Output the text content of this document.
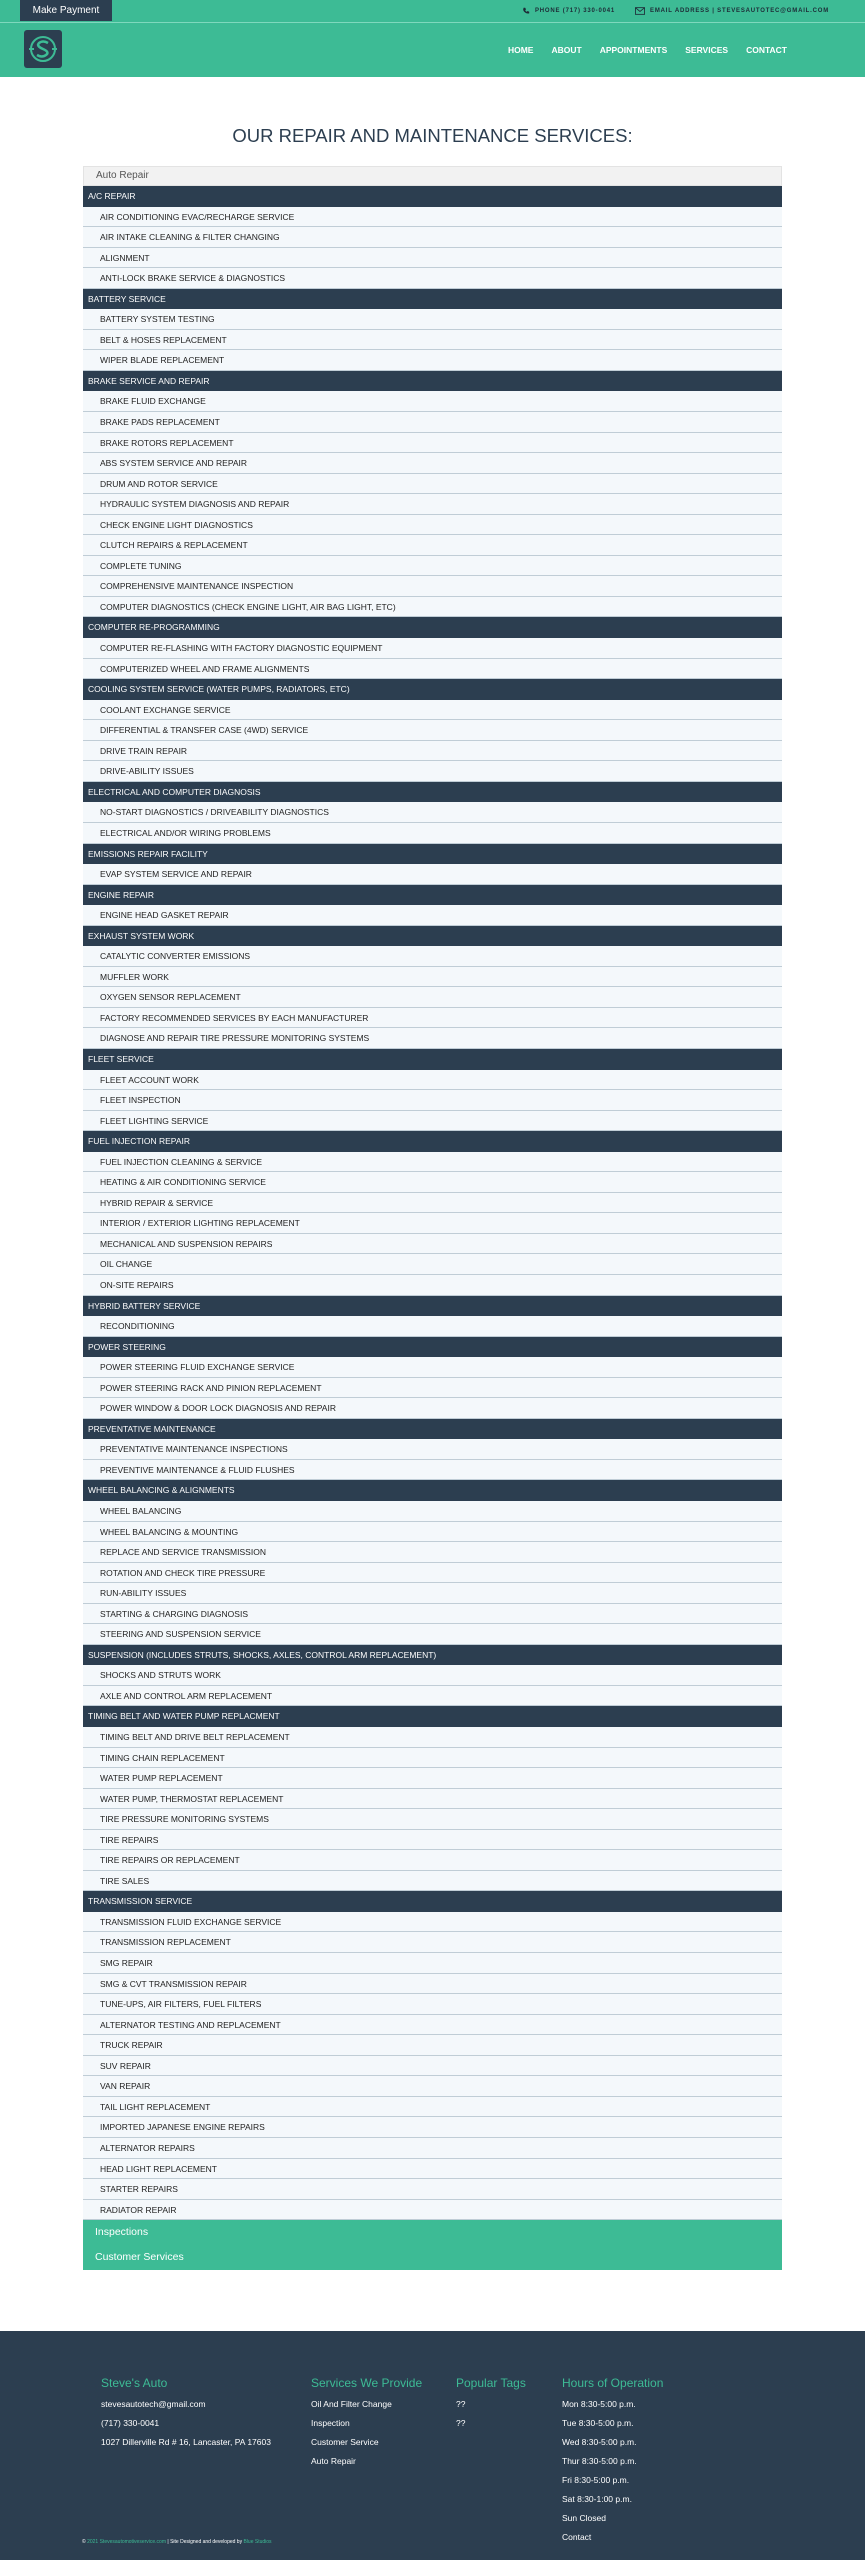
Make Payment	PHONE (717) 330-0041	EMAIL ADDRESS | STEVESAUTOTEC@GMAIL.COM
HOME ABOUT APPOINTMENTS SERVICES CONTACT
OUR REPAIR AND MAINTENANCE SERVICES:
Auto Repair
A/C REPAIR
AIR CONDITIONING EVAC/RECHARGE SERVICE
AIR INTAKE CLEANING & FILTER CHANGING
ALIGNMENT
ANTI-LOCK BRAKE SERVICE & DIAGNOSTICS
BATTERY SERVICE
BATTERY SYSTEM TESTING
BELT & HOSES REPLACEMENT
WIPER BLADE REPLACEMENT
BRAKE SERVICE AND REPAIR
BRAKE FLUID EXCHANGE
BRAKE PADS REPLACEMENT
BRAKE ROTORS REPLACEMENT
ABS SYSTEM SERVICE AND REPAIR
DRUM AND ROTOR SERVICE
HYDRAULIC SYSTEM DIAGNOSIS AND REPAIR
CHECK ENGINE LIGHT DIAGNOSTICS
CLUTCH REPAIRS & REPLACEMENT
COMPLETE TUNING
COMPREHENSIVE MAINTENANCE INSPECTION
COMPUTER DIAGNOSTICS (CHECK ENGINE LIGHT, AIR BAG LIGHT, ETC)
COMPUTER RE-PROGRAMMING
COMPUTER RE-FLASHING WITH FACTORY DIAGNOSTIC EQUIPMENT
COMPUTERIZED WHEEL AND FRAME ALIGNMENTS
COOLING SYSTEM SERVICE (WATER PUMPS, RADIATORS, ETC)
COOLANT EXCHANGE SERVICE
DIFFERENTIAL & TRANSFER CASE (4WD) SERVICE
DRIVE TRAIN REPAIR
DRIVE-ABILITY ISSUES
ELECTRICAL AND COMPUTER DIAGNOSIS
NO-START DIAGNOSTICS / DRIVEABILITY DIAGNOSTICS
ELECTRICAL AND/OR WIRING PROBLEMS
EMISSIONS REPAIR FACILITY
EVAP SYSTEM SERVICE AND REPAIR
ENGINE REPAIR
ENGINE HEAD GASKET REPAIR
EXHAUST SYSTEM WORK
CATALYTIC CONVERTER EMISSIONS
MUFFLER WORK
OXYGEN SENSOR REPLACEMENT
FACTORY RECOMMENDED SERVICES BY EACH MANUFACTURER
DIAGNOSE AND REPAIR TIRE PRESSURE MONITORING SYSTEMS
FLEET SERVICE
FLEET ACCOUNT WORK
FLEET INSPECTION
FLEET LIGHTING SERVICE
FUEL INJECTION REPAIR
FUEL INJECTION CLEANING & SERVICE
HEATING & AIR CONDITIONING SERVICE
HYBRID REPAIR & SERVICE
INTERIOR / EXTERIOR LIGHTING REPLACEMENT
MECHANICAL AND SUSPENSION REPAIRS
OIL CHANGE
ON-SITE REPAIRS
HYBRID BATTERY SERVICE
RECONDITIONING
POWER STEERING
POWER STEERING FLUID EXCHANGE SERVICE
POWER STEERING RACK AND PINION REPLACEMENT
POWER WINDOW & DOOR LOCK DIAGNOSIS AND REPAIR
PREVENTATIVE MAINTENANCE
PREVENTATIVE MAINTENANCE INSPECTIONS
PREVENTIVE MAINTENANCE & FLUID FLUSHES
WHEEL BALANCING & ALIGNMENTS
WHEEL BALANCING
WHEEL BALANCING & MOUNTING
REPLACE AND SERVICE TRANSMISSION
ROTATION AND CHECK TIRE PRESSURE
RUN-ABILITY ISSUES
STARTING & CHARGING DIAGNOSIS
STEERING AND SUSPENSION SERVICE
SUSPENSION (INCLUDES STRUTS, SHOCKS, AXLES, CONTROL ARM REPLACEMENT)
SHOCKS AND STRUTS WORK
AXLE AND CONTROL ARM REPLACEMENT
TIMING BELT AND WATER PUMP REPLACMENT
TIMING BELT AND DRIVE BELT REPLACEMENT
TIMING CHAIN REPLACEMENT
WATER PUMP REPLACEMENT
WATER PUMP, THERMOSTAT REPLACEMENT
TIRE PRESSURE MONITORING SYSTEMS
TIRE REPAIRS
TIRE REPAIRS OR REPLACEMENT
TIRE SALES
TRANSMISSION SERVICE
TRANSMISSION FLUID EXCHANGE SERVICE
TRANSMISSION REPLACEMENT
SMG REPAIR
SMG & CVT TRANSMISSION REPAIR
TUNE-UPS, AIR FILTERS, FUEL FILTERS
ALTERNATOR TESTING AND REPLACEMENT
TRUCK REPAIR
SUV REPAIR
VAN REPAIR
TAIL LIGHT REPLACEMENT
IMPORTED JAPANESE ENGINE REPAIRS
ALTERNATOR REPAIRS
HEAD LIGHT REPLACEMENT
STARTER REPAIRS
RADIATOR REPAIR
Inspections
Customer Services
Steve's Auto
stevesautotech@gmail.com
(717) 330-0041
1027 Dillerville Rd # 16, Lancaster, PA 17603
Services We Provide
Oil And Filter Change
Inspection
Customer Service
Auto Repair
Popular Tags
??
??
Hours of Operation
Mon 8:30-5:00 p.m.
Tue 8:30-5:00 p.m.
Wed 8:30-5:00 p.m.
Thur 8:30-5:00 p.m.
Fri 8:30-5:00 p.m.
Sat 8:30-1:00 p.m.
Sun Closed
Contact
© 2021 Stevesautomotiveservice.com | Site Designed and developed by Blue Studios
